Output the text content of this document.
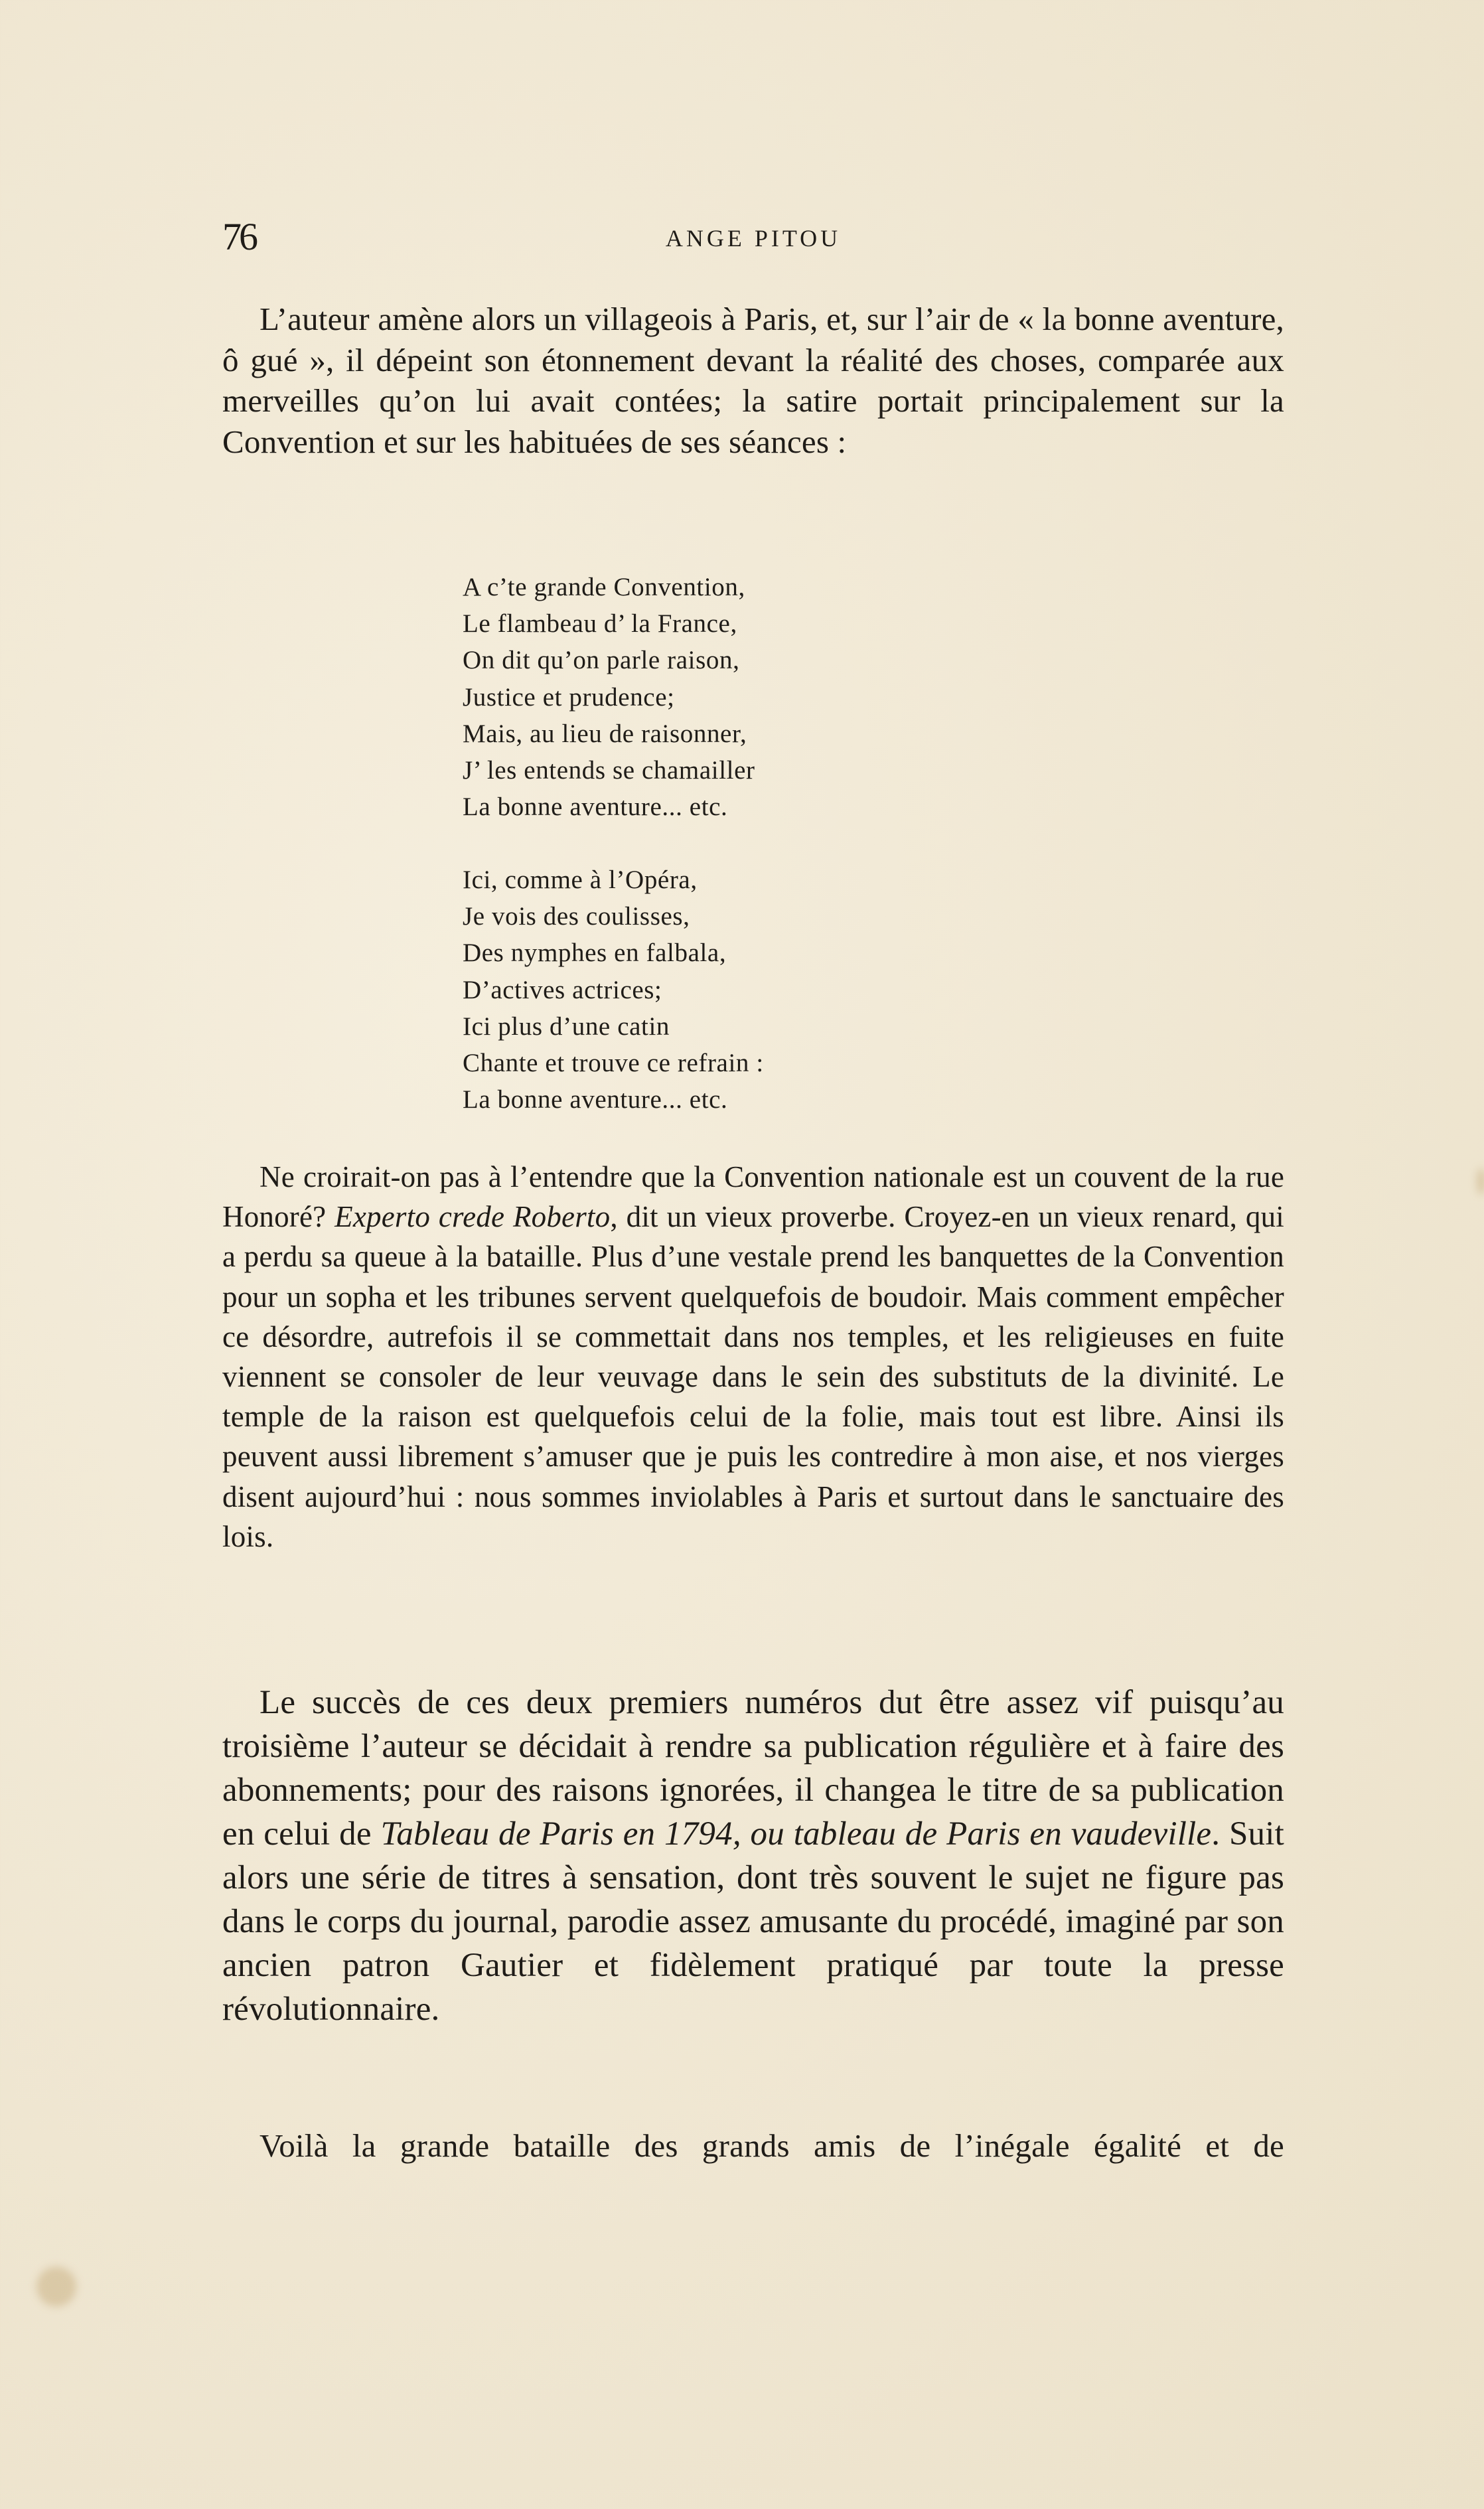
76	ANGE PITOU

L’auteur amène alors un villageois à Paris, et, sur l’air de « la bonne aventure, ô gué », il dépeint son étonnement devant la réalité des choses, comparée aux merveilles qu’on lui avait contées; la satire portait principalement sur la Convention et sur les habituées de ses séances :

A c’te grande Convention,
Le flambeau d’ la France,
On dit qu’on parle raison,
Justice et prudence;
Mais, au lieu de raisonner,
J’ les entends se chamailler
La bonne aventure... etc.
Ici, comme à l’Opéra,
Je vois des coulisses,
Des nymphes en falbala,
D’actives actrices;
Ici plus d’une catin
Chante et trouve ce refrain :
La bonne aventure... etc.

Ne croirait-on pas à l’entendre que la Convention nationale est un couvent de la rue Honoré? Experto crede Roberto, dit un vieux proverbe. Croyez-en un vieux renard, qui a perdu sa queue à la bataille. Plus d’une vestale prend les banquettes de la Convention pour un sopha et les tribunes servent quelquefois de boudoir. Mais comment empêcher ce désordre, autrefois il se commettait dans nos temples, et les religieuses en fuite viennent se consoler de leur veuvage dans le sein des substituts de la divinité. Le temple de la raison est quelquefois celui de la folie, mais tout est libre. Ainsi ils peuvent aussi librement s’amuser que je puis les contredire à mon aise, et nos vierges disent aujourd’hui : nous sommes inviolables à Paris et surtout dans le sanctuaire des lois.

Le succès de ces deux premiers numéros dut être assez vif puisqu’au troisième l’auteur se décidait à rendre sa publication régulière et à faire des abonnements; pour des raisons ignorées, il changea le titre de sa publication en celui de Tableau de Paris en 1794, ou tableau de Paris en vaudeville. Suit alors une série de titres à sensation, dont très souvent le sujet ne figure pas dans le corps du journal, parodie assez amusante du procédé, imaginé par son ancien patron Gautier et fidèlement pratiqué par toute la presse révolutionnaire.

Voilà la grande bataille des grands amis de l’inégale égalité et de
